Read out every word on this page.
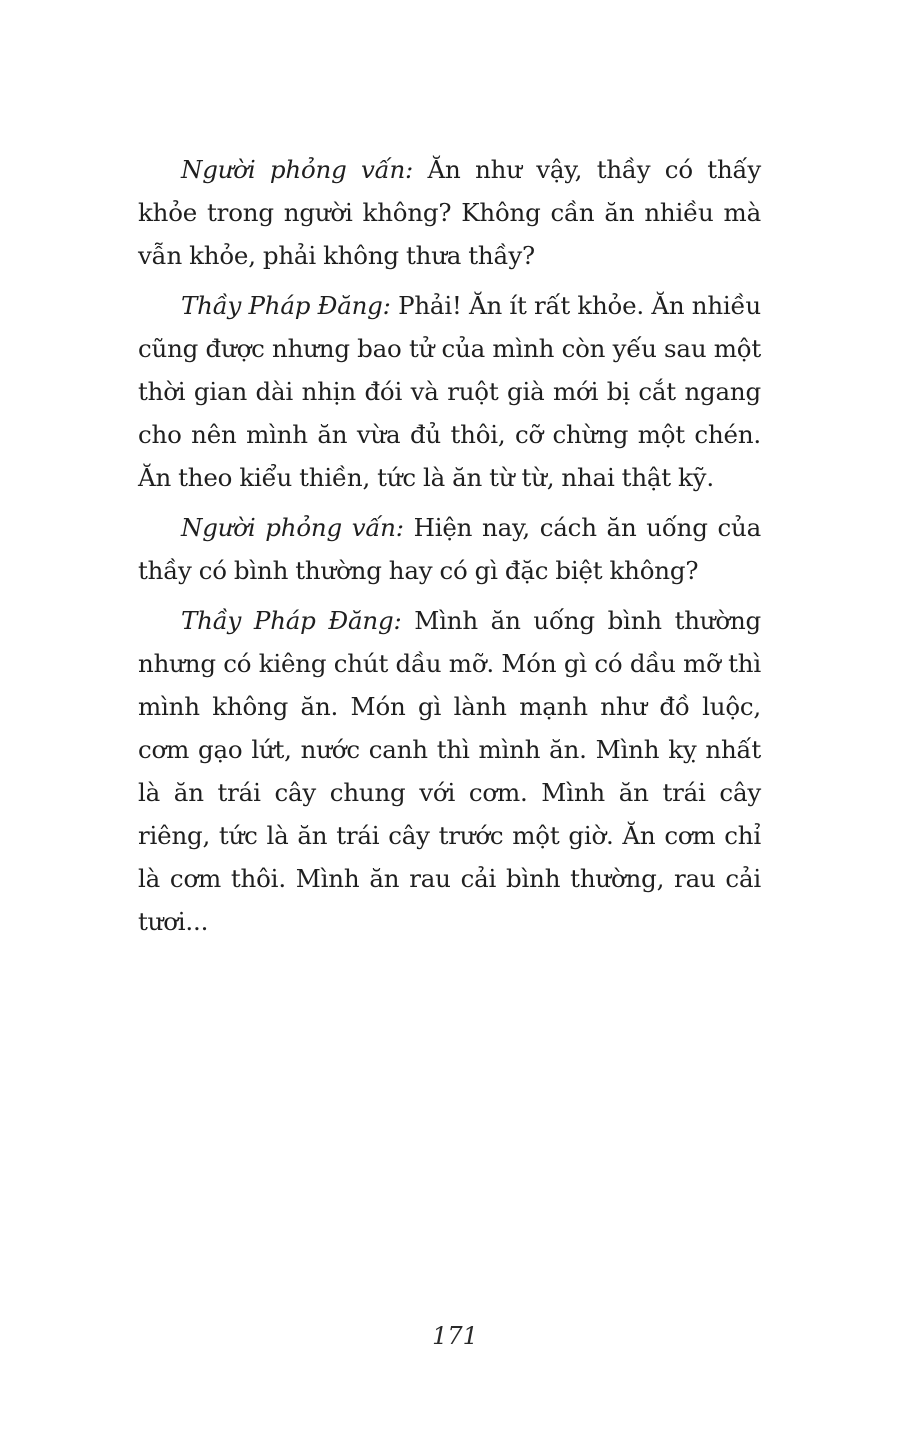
Người phỏng vấn: Ăn như vậy, thầy có thấy khỏe trong người không? Không cần ăn nhiều mà vẫn khỏe, phải không thưa thầy?

Thầy Pháp Đăng: Phải! Ăn ít rất khỏe. Ăn nhiều cũng được nhưng bao tử của mình còn yếu sau một thời gian dài nhịn đói và ruột già mới bị cắt ngang cho nên mình ăn vừa đủ thôi, cỡ chừng một chén. Ăn theo kiểu thiền, tức là ăn từ từ, nhai thật kỹ.

Người phỏng vấn: Hiện nay, cách ăn uống của thầy có bình thường hay có gì đặc biệt không?

Thầy Pháp Đăng: Mình ăn uống bình thường nhưng có kiêng chút dầu mỡ. Món gì có dầu mỡ thì mình không ăn. Món gì lành mạnh như đồ luộc, cơm gạo lứt, nước canh thì mình ăn. Mình kỵ nhất là ăn trái cây chung với cơm. Mình ăn trái cây riêng, tức là ăn trái cây trước một giờ. Ăn cơm chỉ là cơm thôi. Mình ăn rau cải bình thường, rau cải tươi...

171
